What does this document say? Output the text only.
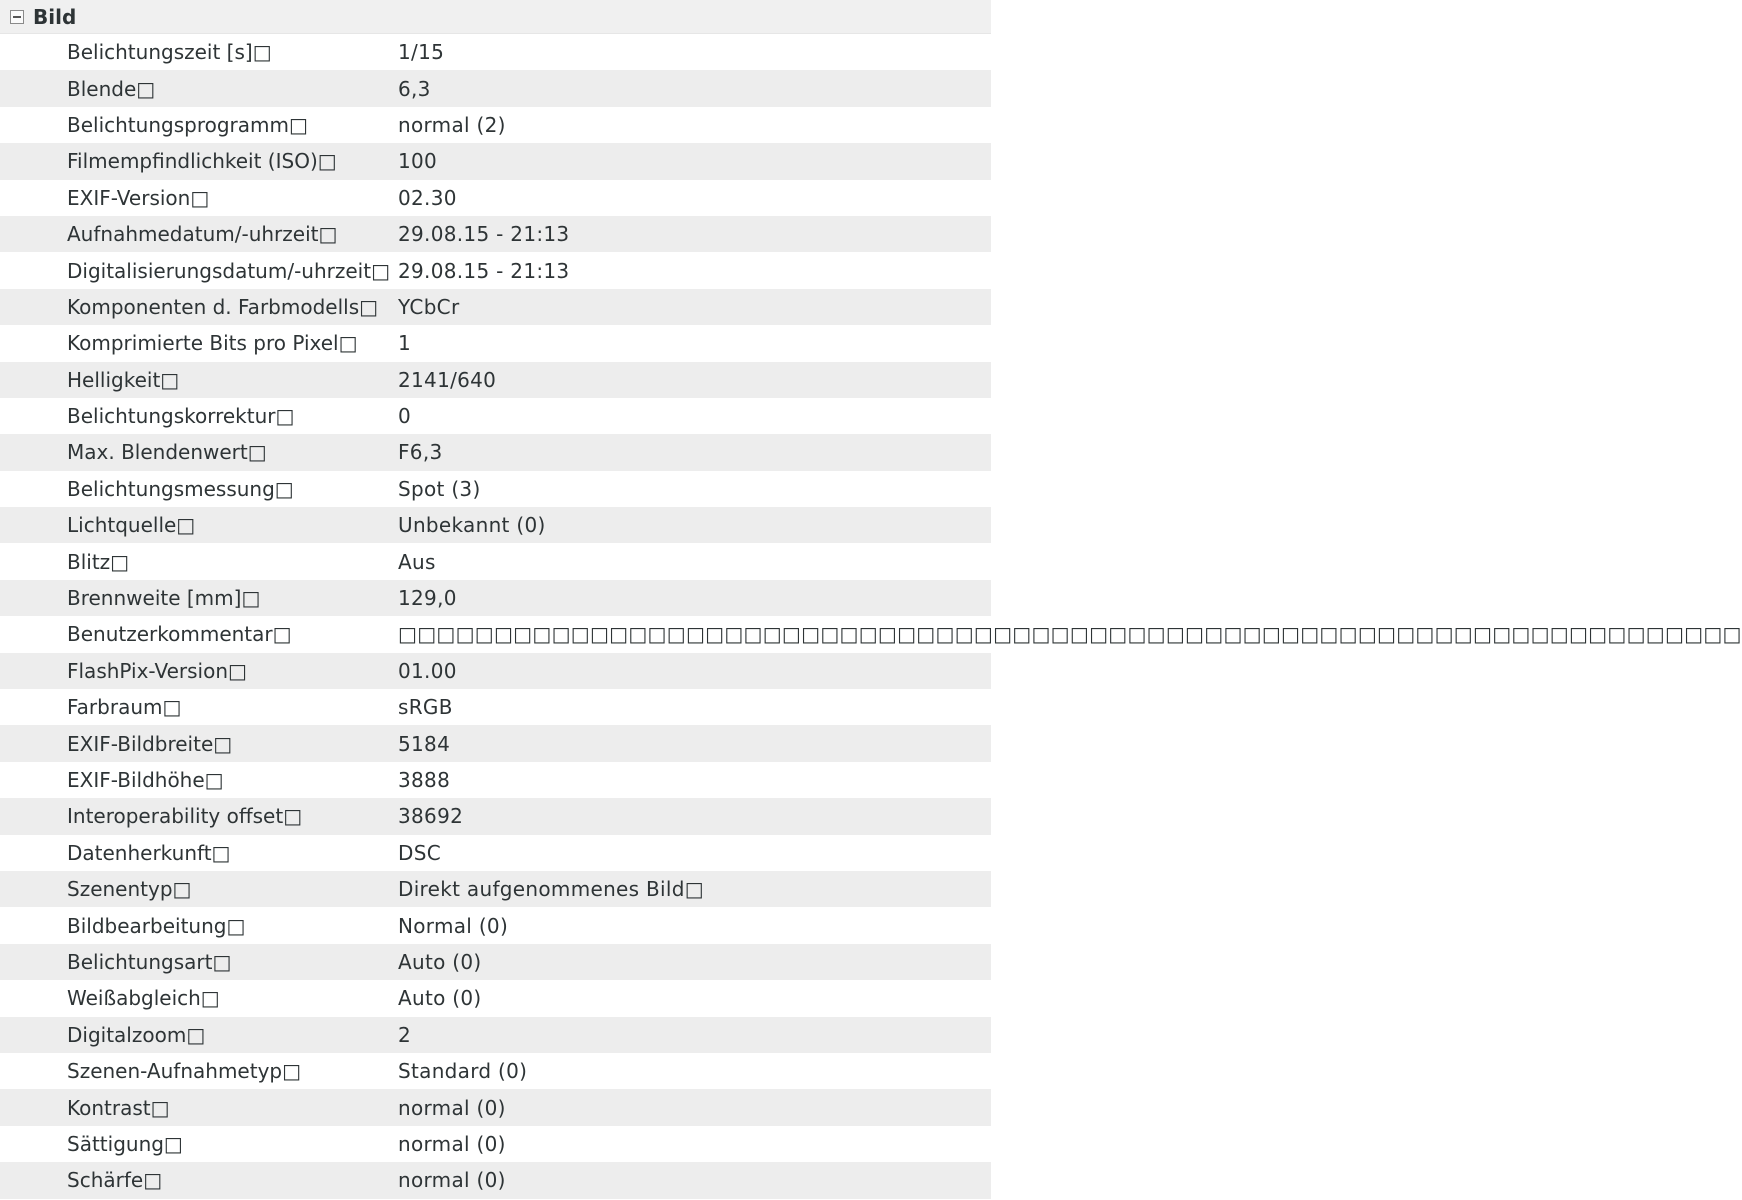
Bild
Belichtungszeit [s]□	1/15
Blende□	6,3
Belichtungsprogramm□	normal (2)
Filmempfindlichkeit (ISO)□	100
EXIF-Version□	02.30
Aufnahmedatum/-uhrzeit□	29.08.15 - 21:13
Digitalisierungsdatum/-uhrzeit□ 29.08.15 - 21:13
Komponenten d. Farbmodells□ YCbCr
Komprimierte Bits pro Pixel□	1
Helligkeit□	2141/640
Belichtungskorrektur□	0
Max. Blendenwert□	F6,3
Belichtungsmessung□	Spot (3)
Lichtquelle□	Unbekannt (0)
Blitz□	Aus
Brennweite [mm]□	129,0
Benutzerkommentar□	□□□□□□□□□□□□□□□□□□□□□□□□□□□□□□□□□□□□□□□□□□□□□□□□□□□□□□□□□□□□□□□□□□□□□□
FlashPix-Version□	01.00
Farbraum□	sRGB
EXIF-Bildbreite□	5184
EXIF-Bildhöhe□	3888
Interoperability offset□	38692
Datenherkunft□	DSC
Szenentyp□	Direkt aufgenommenes Bild□
Bildbearbeitung□	Normal (0)
Belichtungsart□	Auto (0)
Weißabgleich□	Auto (0)
Digitalzoom□	2
Szenen-Aufnahmetyp□	Standard (0)
Kontrast□	normal (0)
Sättigung□	normal (0)
Schärfe□	normal (0)
